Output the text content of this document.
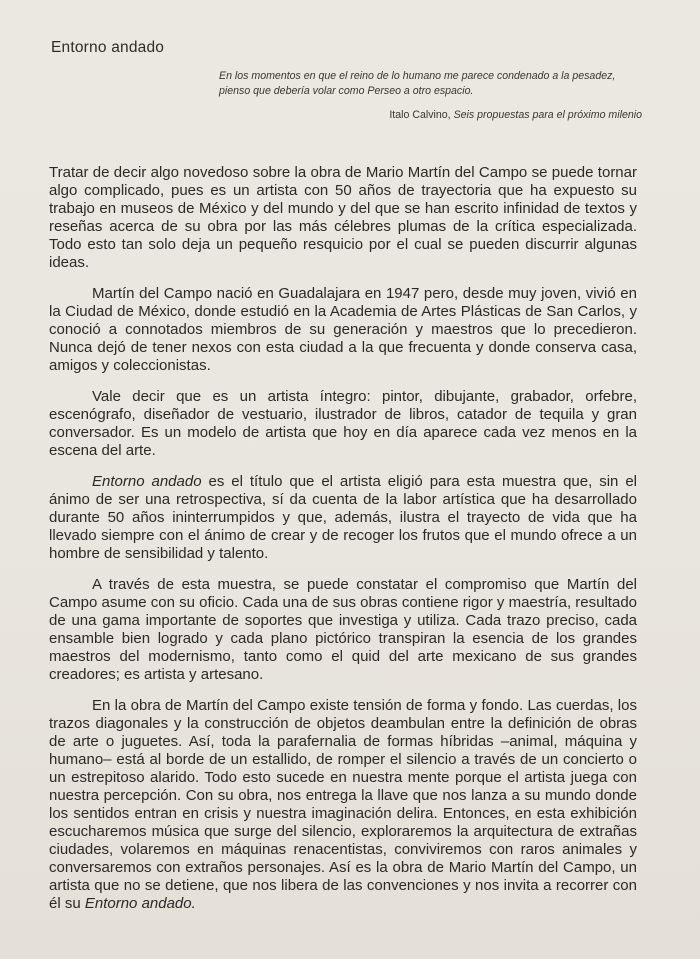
Entorno andado
En los momentos en que el reino de lo humano me parece condenado a la pesadez, pienso que debería volar como Perseo a otro espacio.
Italo Calvino, Seis propuestas para el próximo milenio

Tratar de decir algo novedoso sobre la obra de Mario Martín del Campo se puede tornar algo complicado, pues es un artista con 50 años de trayectoria que ha expuesto su trabajo en museos de México y del mundo y del que se han escrito infinidad de textos y reseñas acerca de su obra por las más célebres plumas de la crítica especializada. Todo esto tan solo deja un pequeño resquicio por el cual se pueden discurrir algunas ideas.

Martín del Campo nació en Guadalajara en 1947 pero, desde muy joven, vivió en la Ciudad de México, donde estudió en la Academia de Artes Plásticas de San Carlos, y conoció a connotados miembros de su generación y maestros que lo precedieron. Nunca dejó de tener nexos con esta ciudad a la que frecuenta y donde conserva casa, amigos y coleccionistas.

Vale decir que es un artista íntegro: pintor, dibujante, grabador, orfebre, escenógrafo, diseñador de vestuario, ilustrador de libros, catador de tequila y gran conversador. Es un modelo de artista que hoy en día aparece cada vez menos en la escena del arte.

Entorno andado es el título que el artista eligió para esta muestra que, sin el ánimo de ser una retrospectiva, sí da cuenta de la labor artística que ha desarrollado durante 50 años ininterrumpidos y que, además, ilustra el trayecto de vida que ha llevado siempre con el ánimo de crear y de recoger los frutos que el mundo ofrece a un hombre de sensibilidad y talento.

A través de esta muestra, se puede constatar el compromiso que Martín del Campo asume con su oficio. Cada una de sus obras contiene rigor y maestría, resultado de una gama importante de soportes que investiga y utiliza. Cada trazo preciso, cada ensamble bien logrado y cada plano pictórico transpiran la esencia de los grandes maestros del modernismo, tanto como el quid del arte mexicano de sus grandes creadores; es artista y artesano.

En la obra de Martín del Campo existe tensión de forma y fondo. Las cuerdas, los trazos diagonales y la construcción de objetos deambulan entre la definición de obras de arte o juguetes. Así, toda la parafernalia de formas híbridas –animal, máquina y humano– está al borde de un estallido, de romper el silencio a través de un concierto o un estrepitoso alarido. Todo esto sucede en nuestra mente porque el artista juega con nuestra percepción. Con su obra, nos entrega la llave que nos lanza a su mundo donde los sentidos entran en crisis y nuestra imaginación delira. Entonces, en esta exhibición escucharemos música que surge del silencio, exploraremos la arquitectura de extrañas ciudades, volaremos en máquinas renacentistas, conviviremos con raros animales y conversaremos con extraños personajes. Así es la obra de Mario Martín del Campo, un artista que no se detiene, que nos libera de las convenciones y nos invita a recorrer con él su Entorno andado.
